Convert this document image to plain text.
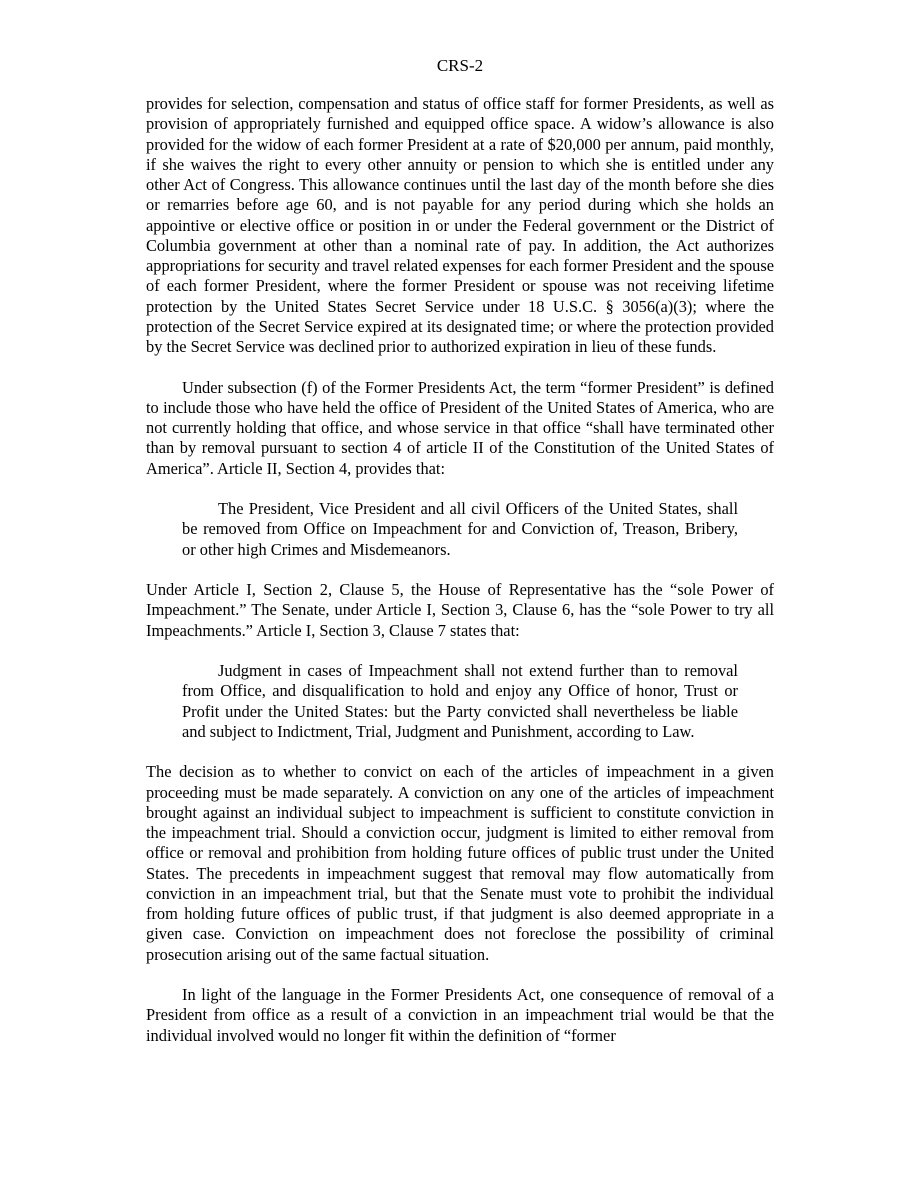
CRS-2

provides for selection, compensation and status of office staff for former Presidents, as well as provision of appropriately furnished and equipped office space. A widow’s allowance is also provided for the widow of each former President at a rate of $20,000 per annum, paid monthly, if she waives the right to every other annuity or pension to which she is entitled under any other Act of Congress. This allowance continues until the last day of the month before she dies or remarries before age 60, and is not payable for any period during which she holds an appointive or elective office or position in or under the Federal government or the District of Columbia government at other than a nominal rate of pay. In addition, the Act authorizes appropriations for security and travel related expenses for each former President and the spouse of each former President, where the former President or spouse was not receiving lifetime protection by the United States Secret Service under 18 U.S.C. § 3056(a)(3); where the protection of the Secret Service expired at its designated time; or where the protection provided by the Secret Service was declined prior to authorized expiration in lieu of these funds.

Under subsection (f) of the Former Presidents Act, the term “former President” is defined to include those who have held the office of President of the United States of America, who are not currently holding that office, and whose service in that office “shall have terminated other than by removal pursuant to section 4 of article II of the Constitution of the United States of America”. Article II, Section 4, provides that:

The President, Vice President and all civil Officers of the United States, shall be removed from Office on Impeachment for and Conviction of, Treason, Bribery, or other high Crimes and Misdemeanors.

Under Article I, Section 2, Clause 5, the House of Representative has the “sole Power of Impeachment.” The Senate, under Article I, Section 3, Clause 6, has the “sole Power to try all Impeachments.” Article I, Section 3, Clause 7 states that:

Judgment in cases of Impeachment shall not extend further than to removal from Office, and disqualification to hold and enjoy any Office of honor, Trust or Profit under the United States: but the Party convicted shall nevertheless be liable and subject to Indictment, Trial, Judgment and Punishment, according to Law.

The decision as to whether to convict on each of the articles of impeachment in a given proceeding must be made separately. A conviction on any one of the articles of impeachment brought against an individual subject to impeachment is sufficient to constitute conviction in the impeachment trial. Should a conviction occur, judgment is limited to either removal from office or removal and prohibition from holding future offices of public trust under the United States. The precedents in impeachment suggest that removal may flow automatically from conviction in an impeachment trial, but that the Senate must vote to prohibit the individual from holding future offices of public trust, if that judgment is also deemed appropriate in a given case. Conviction on impeachment does not foreclose the possibility of criminal prosecution arising out of the same factual situation.

In light of the language in the Former Presidents Act, one consequence of removal of a President from office as a result of a conviction in an impeachment trial would be that the individual involved would no longer fit within the definition of “former
